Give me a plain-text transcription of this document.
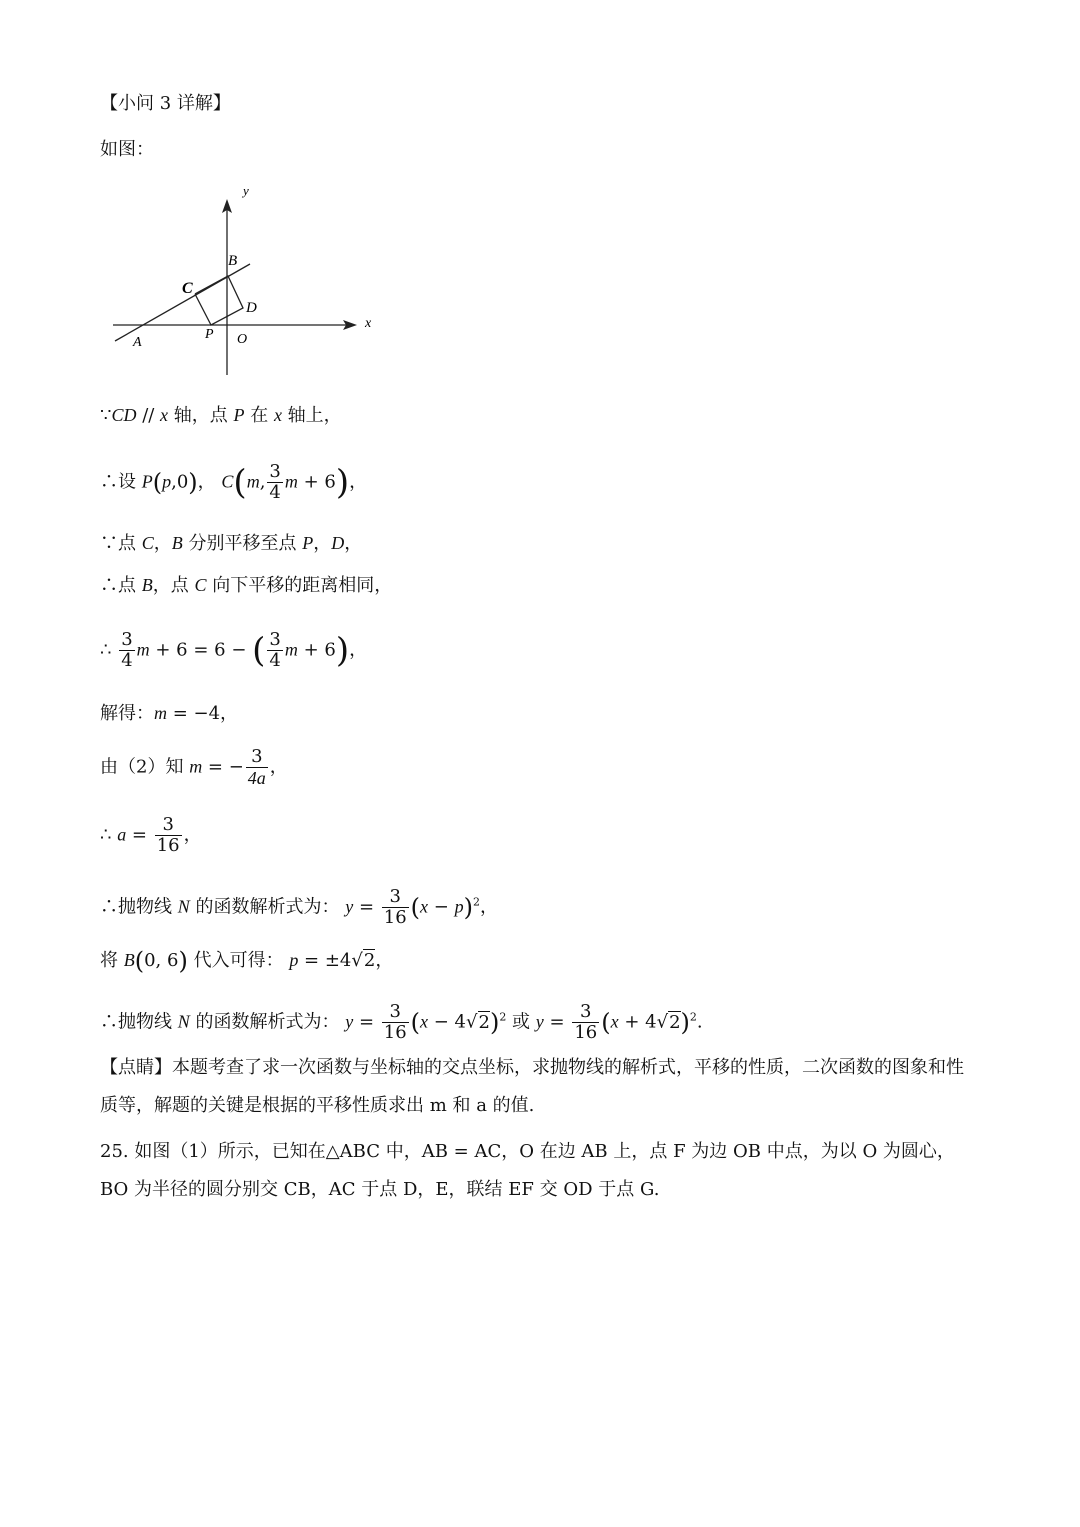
【小问 3 详解】
如图：
y
x
B
C
D
P O
A
∵CD // x 轴，点 P 在 x 轴上，
∴设 P(p,0)， C(m, $\frac{3}{4}$ m + 6)，
∵点 C，B 分别平移至点 P，D，
∴点 B，点 C 向下平移的距离相同，
∴ $\frac{3}{4}$ m + 6 = 6 − ( $\frac{3}{4}$ m + 6)，
解得：m = −4，
由（2）知 m = − $\frac{3}{4a}$ ，
∴ $a = \frac{3}{16}$ ，
∴抛物线 N 的函数解析式为： $y = \frac{3}{16} (x - p)^2$，
将 B(0, 6) 代入可得： p = ±4√2，
∴抛物线 N 的函数解析式为： $y = \frac{3}{16} (x - 4√2)^2$ 或 $y = \frac{3}{16} (x + 4√2)^2$.
【点睛】本题考查了求一次函数与坐标轴的交点坐标，求抛物线的解析式，平移的性质，二次函数的图象和性质等，解题的关键是根据的平移性质求出 m 和 a 的值.
25. 如图（1）所示，已知在△ABC 中，AB = AC，O 在边 AB 上，点 F 为边 OB 中点，为以 O 为圆心，BO 为半径的圆分别交 CB，AC 于点 D，E，联结 EF 交 OD 于点 G.
